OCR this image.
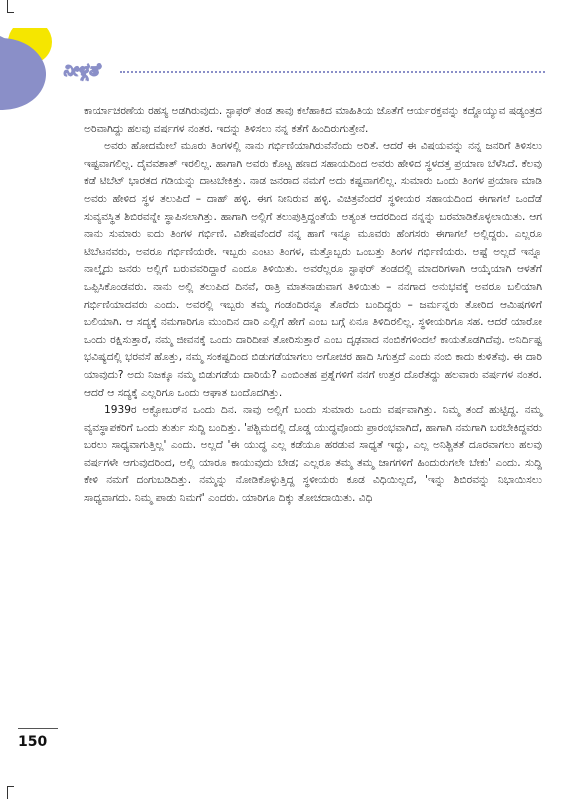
ನೀಳ್ಗತೆ

ಕಾರ್ಯಾಚರಣೆಯ ರಹಸ್ಯ ಅಡಗಿರುವುದು. ಸ್ಟಾಫರ್ ತಂಡ ತಾವು ಕಲೆಹಾಕಿದ ಮಾಹಿತಿಯ ಜೊತೆಗೆ ಆರ್ಯರಕ್ತವನ್ನು ಕದ್ದೊಯ್ಯುವ ಷಡ್ಯಂತ್ರದ ಅರಿವಾಗಿದ್ದು ಹಲವು ವರ್ಷಗಳ ನಂತರ. ಇದನ್ನು ತಿಳಿಸಲು ನನ್ನ ಕತೆಗೆ ಹಿಂದಿರುಗುತ್ತೇನೆ.

ಅವರು ಹೋದಮೇಲೆ ಮೂರು ತಿಂಗಳಲ್ಲಿ ನಾನು ಗರ್ಭಿಣಿಯಾಗಿರುವೆನೆಂದು ಅರಿತೆ. ಆದರೆ ಈ ವಿಷಯವನ್ನು ನನ್ನ ಜನರಿಗೆ ತಿಳಿಸಲು ಇಷ್ಟವಾಗಲಿಲ್ಲ. ದೈವವಶಾ‌ತ್ ‌ಇರಲಿಲ್ಲ. ಹಾಗಾಗಿ ಅವರು ಕೊಟ್ಟ ಹಣದ ಸಹಾಯದಿಂದ ಅವರು ಹೇಳಿದ ಸ್ಥಳದತ್ತ ಪ್ರಯಾಣ ಬೆಳೆಸಿದೆ. ಕೆಲವು ಕಡೆ ಟಿಬೆಟ್ ಭಾರತದ ಗಡಿಯನ್ನು ದಾಟಬೇಕಿತ್ತು. ನಾಡ ಜನರಾದ ನಮಗೆ ಅದು ಕಷ್ಟವಾಗಲಿಲ್ಲ. ಸುಮಾರು ಒಂದು ತಿಂಗಳ ಪ್ರಯಾಣ ಮಾಡಿ ಅವರು ಹೇಳಿದ ಸ್ಥಳ ತಲುಪಿದೆ – ದಾಹ್ ಹಳ್ಳಿ. ಈಗ ನೀನಿರುವ ಹಳ್ಳಿ. ವಿಚಿತ್ರವೆಂದರೆ ಸ್ಥಳೀಯರ ಸಹಾಯದಿಂದ ಈಗಾಗಲೆ ಒಂದೆಡೆ ಸುವ್ಯವಸ್ಥಿತ ಶಿಬಿರವನ್ನೇ ಸ್ಥಾಪಿಸಲಾಗಿತ್ತು. ಹಾಗಾಗಿ ಅಲ್ಲಿಗೆ ತಲುಪುತ್ತಿದ್ದಂತೆಯೆ ಅತ್ಯಂತ ಆದರದಿಂದ ನನ್ನನ್ನು ಬರಮಾಡಿಕೊಳ್ಳಲಾಯಿತು. ಆಗ ನಾನು ಸುಮಾರು ಐದು ತಿಂಗಳ ಗರ್ಭಿಣಿ. ವಿಶೇಷವೆಂದರೆ ನನ್ನ ಹಾಗೆ ಇನ್ನೂ ಮೂವರು ಹೆಂಗಸರು ಈಗಾಗಲೆ ಅಲ್ಲಿದ್ದರು. ಎಲ್ಲರೂ ಟಿಬೆಟನವರು, ಅವರೂ ಗರ್ಭಿಣಿಯರೇ. ಇಬ್ಬರು ಎಂಟು ತಿಂಗಳ, ಮತ್ತೊಬ್ಬರು ಒಂಬತ್ತು ತಿಂಗಳ ಗರ್ಭಿಣಿಯರು. ಅಷ್ಟೆ ಅಲ್ಲದೆ ಇನ್ನೂ ನಾಲ್ಕೈದು ಜನರು ಅಲ್ಲಿಗೆ ಬರುವವರಿದ್ದಾರೆ ಎಂದೂ ತಿಳಿಯಿತು. ಅವರೆಲ್ಲರೂ ಸ್ಟಾಫರ್ ತಂಡದಲ್ಲಿ ಮಾದರಿಗಳಾಗಿ ಆಯ್ಕೆಯಾಗಿ ಆಳತೆಗೆ ಒಪ್ಪಿಸಿಕೊಂಡವರು. ನಾನು ಅಲ್ಲಿ ತಲುಪಿದ ದಿನವೆ, ರಾತ್ರಿ ಮಾತನಾಡುವಾಗ ತಿಳಿಯಿತು – ನನಗಾದ ಅನುಭವಕ್ಕೆ ಅವರೂ ಬಲಿಯಾಗಿ ಗರ್ಭಿಣಿಯಾದವರು ಎಂದು. ಅವರಲ್ಲಿ ಇಬ್ಬರು ತಮ್ಮ ಗಂಡಂದಿರನ್ನೂ ತೊರೆದು ಬಂದಿದ್ದರು – ಜರ್ಮನ್ನರು ತೋರಿದ ಆಮಿಷಗಳಿಗೆ ಬಲಿಯಾಗಿ. ಆ ಸದ್ಯಕ್ಕೆ ನಮಗಾರಿಗೂ ಮುಂದಿನ ದಾರಿ ಎಲ್ಲಿಗೆ ಹೇಗೆ ಎಂಬ ಬಗ್ಗೆ ಏನೂ ತಿಳಿದಿರಲಿಲ್ಲ. ಸ್ಥಳೀಯರಿಗೂ ಸಹ. ಆದರೆ ಯಾರೋ ಒಂದು ರಕ್ಷಿಸುತ್ತಾರೆ, ನಮ್ಮ ಜೀವನಕ್ಕೆ ಒಂದು ದಾರಿದೀಪ ತೋರಿಸುತ್ತಾರೆ ಎಂಬ ದೃಢವಾದ ನಂಬಿಕೆಗಳಿಂದಲೆ ಕಾಯತೊಡಗಿದೆವು. ಅನಿರ್ದಿಷ್ಟ ಭವಿಷ್ಯದಲ್ಲಿ ಭರವಸೆ ಹೊತ್ತು, ನಮ್ಮ ಸಂಕಷ್ಟದಿಂದ ಬಿಡುಗಡೆಯಾಗಲು ಅಗೋಚರ ಹಾದಿ ಸಿಗುತ್ತದೆ ಎಂದು ನಂಬಿ ಕಾದು ಕುಳಿತೆವು. ಈ ದಾರಿ ಯಾವುದು? ಅದು ನಿಜಕ್ಕೂ ನಮ್ಮ ಬಿಡುಗಡೆಯ ದಾರಿಯೆ? ಎಂಬಿಂತಹ ಪ್ರಶ್ನೆಗಳಿಗೆ ನನಗೆ ಉತ್ತರ ದೊರೆತದ್ದು ಹಲವಾರು ವರ್ಷಗಳ ನಂತರ. ಆದರೆ ಆ ಸದ್ಯಕ್ಕೆ ಎಲ್ಲರಿಗೂ ಒಂದು ಆಘಾತ ಬಂದೊದಗಿತ್ತು.

1939ರ ಅಕ್ಟೋಬರ್‌ನ ಒಂದು ದಿನ. ನಾವು ಅಲ್ಲಿಗೆ ಬಂದು ಸುಮಾರು ಒಂದು ವರ್ಷವಾಗಿತ್ತು. ನಿಮ್ಮ ತಂದೆ ಹುಟ್ಟಿದ್ದ. ನಮ್ಮ ವ್ಯವಸ್ಥಾಪಕರಿಗೆ ಒಂದು ತುರ್ತು ಸುದ್ದಿ ಬಂದಿತ್ತು. 'ಪಶ್ಚಿಮದಲ್ಲಿ ದೊಡ್ಡ ಯುದ್ಧವೊಂದು ಪ್ರಾರಂಭವಾಗಿದೆ, ಹಾಗಾಗಿ ನಮಗಾಗಿ ಬರಬೇಕಿದ್ದವರು ಬರಲು ಸಾಧ್ಯವಾಗುತ್ತಿಲ್ಲ' ಎಂದು. ಅಲ್ಲದೆ 'ಈ ಯುದ್ಧ ಎಲ್ಲ ಕಡೆಯೂ ಹರಡುವ ಸಾಧ್ಯತೆ ಇದ್ದು, ಎಲ್ಲ ಅನಿಶ್ಚಿತತೆ ದೂರವಾಗಲು ಹಲವು ವರ್ಷಗಳೇ ಆಗುವುದರಿಂದ, ಅಲ್ಲಿ ಯಾರೂ ಕಾಯುವುದು ಬೇಡ; ಎಲ್ಲರೂ ತಮ್ಮ ತಮ್ಮ ಜಾಗಗಳಿಗೆ ಹಿಂದುರುಗಲೇ ಬೇಕು' ಎಂದು. ಸುದ್ದಿ ಕೇಳಿ ನಮಗೆ ದಂಗುಬಡಿದಿತ್ತು. ನಮ್ಮನ್ನು ನೋಡಿಕೊಳ್ಳುತ್ತಿದ್ದ ಸ್ಥಳೀಯರು ಕೂಡ ವಿಧಿಯಿಲ್ಲದೆ, 'ಇನ್ನು ಶಿಬಿರವನ್ನು ನಿಭಾಯಿಸಲು ಸಾಧ್ಯವಾಗದು. ನಿಮ್ಮ ಪಾಡು ನಿಮಗೆ' ಎಂದರು. ಯಾರಿಗೂ ದಿಕ್ಕು ತೋಚದಾಯಿತು. ವಿಧಿ

150
